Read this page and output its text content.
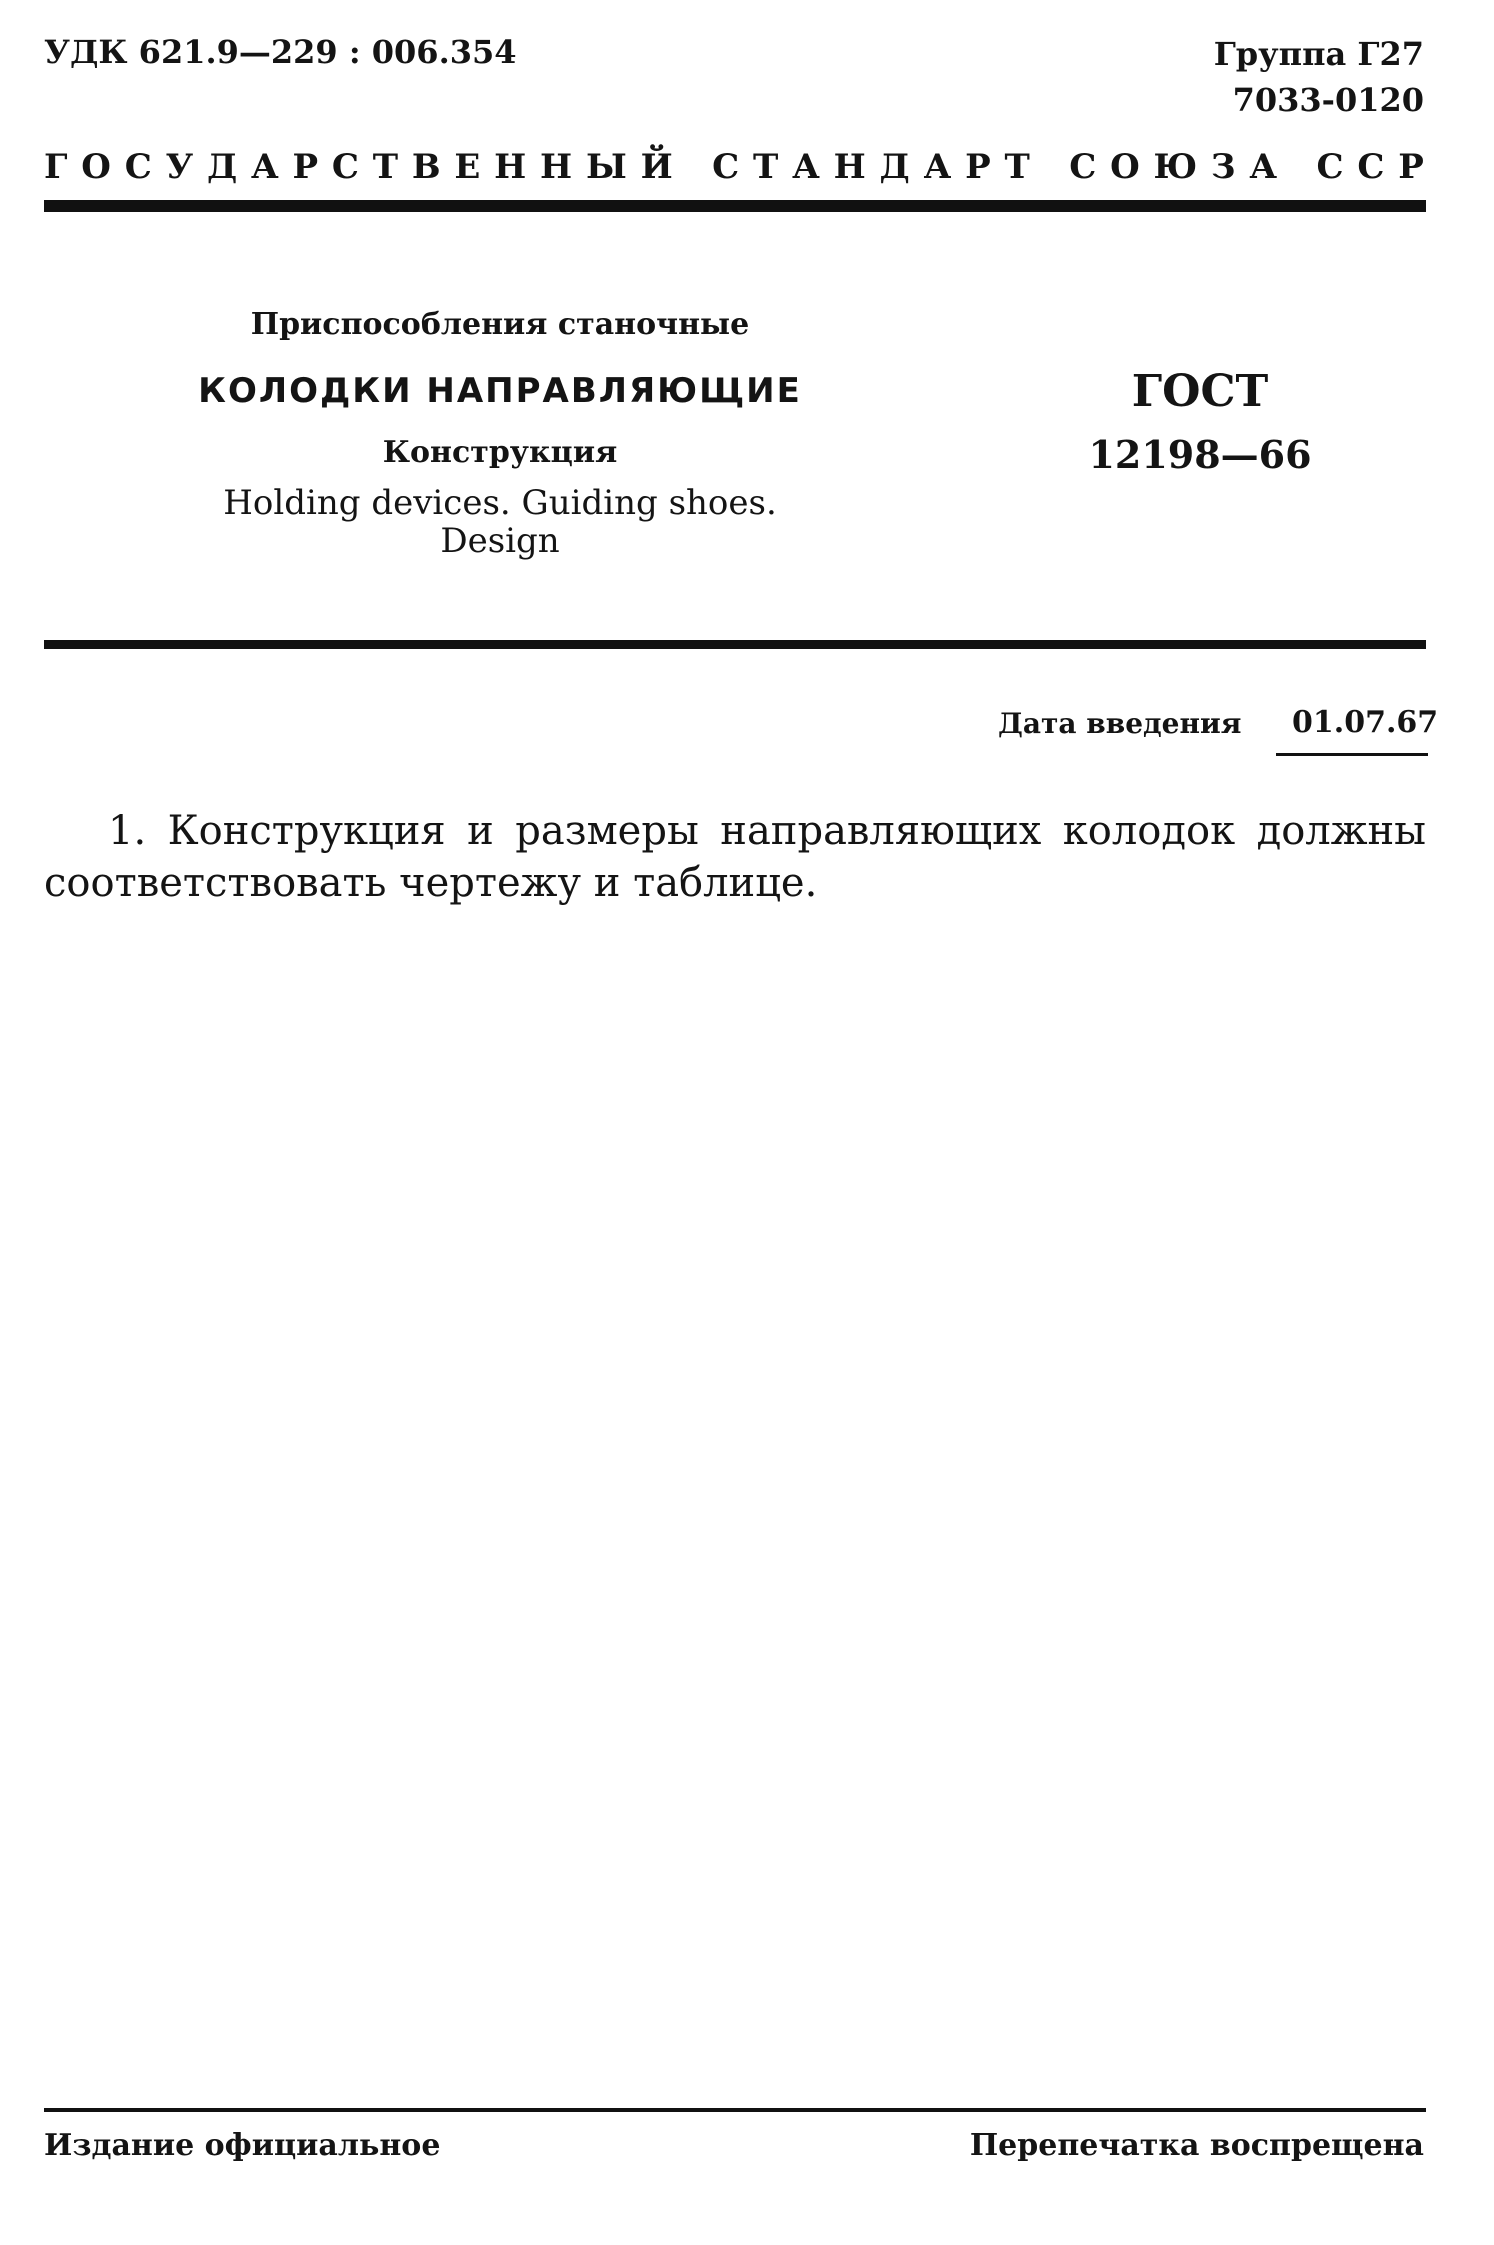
УДК 621.9—229 : 006.354	Группа Г27
7033-0120
Г О С У Д А Р С Т В Е Н Н Ы Й
С Т А Н Д А Р Т
С О Ю З А
С С Р
Приспособления станочные
КОЛОДКИ НАПРАВЛЯЮЩИЕ
Конструкция
Holding devices. Guiding shoes. Design
ГОСТ
12198—66
Дата введения 01.07.67
1. Конструкция и размеры направляющих колодок должны соответствовать чертежу и таблице.
Издание официальное	Перепечатка воспрещена
